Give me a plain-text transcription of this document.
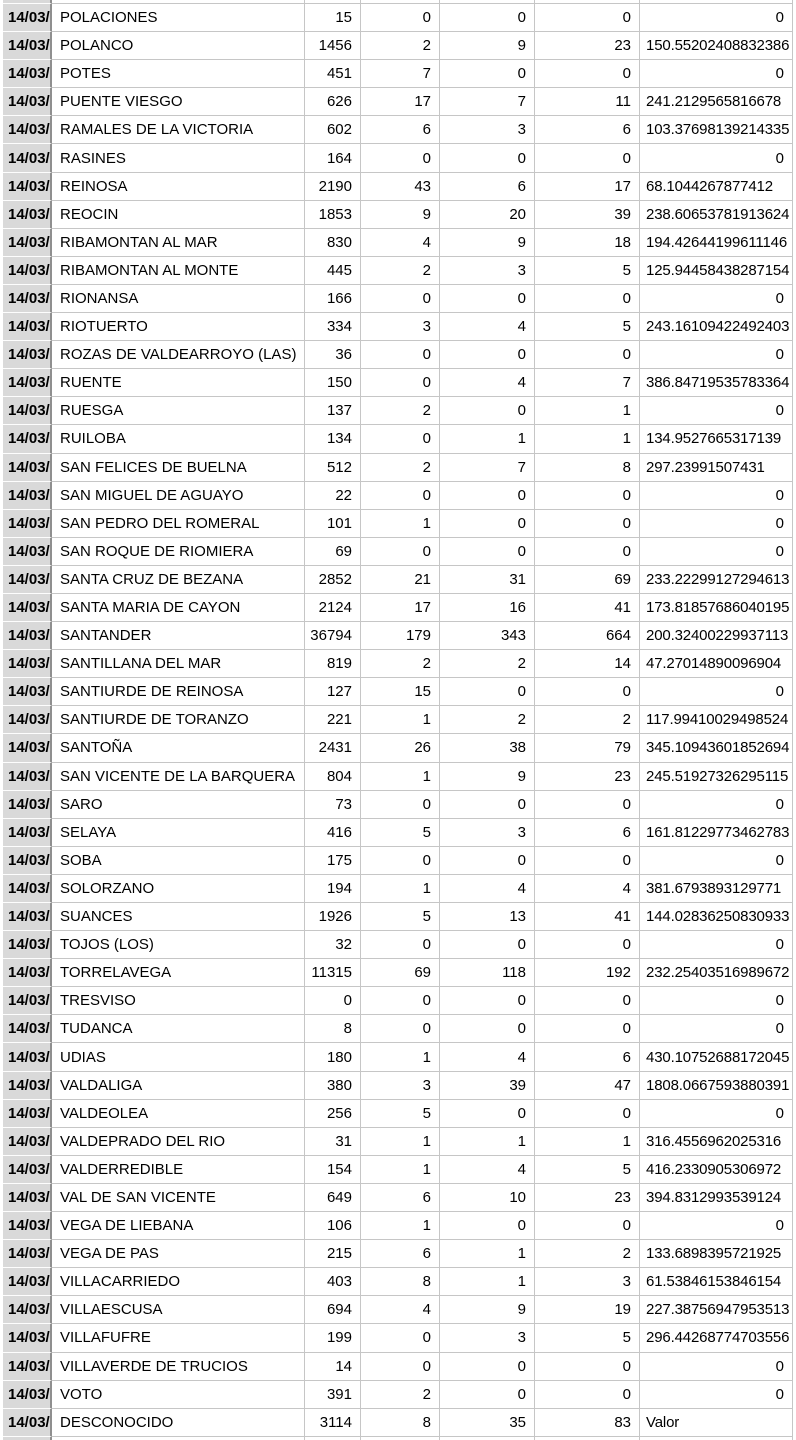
14/03/ POLACIONES	15	0	0	0	0
14/03/ POLANCO	1456	2	9	23	150.55202408832386
14/03/ POTES	451	7	0	0	0
14/03/ PUENTE VIESGO	626	17	7	11	241.2129565816678
14/03/ RAMALES DE LA VICTORIA	602	6	3	6	103.37698139214335
14/03/ RASINES	164	0	0	0	0
14/03/ REINOSA	2190	43	6	17	68.1044267877412
14/03/ REOCIN	1853	9	20	39	238.60653781913624
14/03/ RIBAMONTAN AL MAR	830	4	9	18	194.42644199611146
14/03/ RIBAMONTAN AL MONTE	445	2	3	5	125.94458438287154
14/03/ RIONANSA	166	0	0	0	0
14/03/ RIOTUERTO	334	3	4	5	243.16109422492403
14/03/ ROZAS DE VALDEARROYO (LAS)	36	0	0	0	0
14/03/ RUENTE	150	0	4	7	386.84719535783364
14/03/ RUESGA	137	2	0	1	0
14/03/ RUILOBA	134	0	1	1	134.9527665317139
14/03/ SAN FELICES DE BUELNA	512	2	7	8	297.23991507431
14/03/ SAN MIGUEL DE AGUAYO	22	0	0	0	0
14/03/ SAN PEDRO DEL ROMERAL	101	1	0	0	0
14/03/ SAN ROQUE DE RIOMIERA	69	0	0	0	0
14/03/ SANTA CRUZ DE BEZANA	2852	21	31	69	233.22299127294613
14/03/ SANTA MARIA DE CAYON	2124	17	16	41	173.81857686040195
14/03/ SANTANDER	36794	179	343	664	200.32400229937113
14/03/ SANTILLANA DEL MAR	819	2	2	14	47.27014890096904
14/03/ SANTIURDE DE REINOSA	127	15	0	0	0
14/03/ SANTIURDE DE TORANZO	221	1	2	2	117.99410029498524
14/03/ SANTOÑA	2431	26	38	79	345.10943601852694
14/03/ SAN VICENTE DE LA BARQUERA	804	1	9	23	245.51927326295115
14/03/ SARO	73	0	0	0	0
14/03/ SELAYA	416	5	3	6	161.81229773462783
14/03/ SOBA	175	0	0	0	0
14/03/ SOLORZANO	194	1	4	4	381.6793893129771
14/03/ SUANCES	1926	5	13	41	144.02836250830933
14/03/ TOJOS (LOS)	32	0	0	0	0
14/03/ TORRELAVEGA	11315	69	118	192	232.25403516989672
14/03/ TRESVISO	0	0	0	0	0
14/03/ TUDANCA	8	0	0	0	0
14/03/ UDIAS	180	1	4	6	430.10752688172045
14/03/ VALDALIGA	380	3	39	47	1808.0667593880391
14/03/ VALDEOLEA	256	5	0	0	0
14/03/ VALDEPRADO DEL RIO	31	1	1	1	316.4556962025316
14/03/ VALDERREDIBLE	154	1	4	5	416.2330905306972
14/03/ VAL DE SAN VICENTE	649	6	10	23	394.8312993539124
14/03/ VEGA DE LIEBANA	106	1	0	0	0
14/03/ VEGA DE PAS	215	6	1	2	133.6898395721925
14/03/ VILLACARRIEDO	403	8	1	3	61.53846153846154
14/03/ VILLAESCUSA	694	4	9	19	227.38756947953513
14/03/ VILLAFUFRE	199	0	3	5	296.44268774703556
14/03/ VILLAVERDE DE TRUCIOS	14	0	0	0	0
14/03/ VOTO	391	2	0	0	0
14/03/ DESCONOCIDO	3114	8	35	83	Valor
